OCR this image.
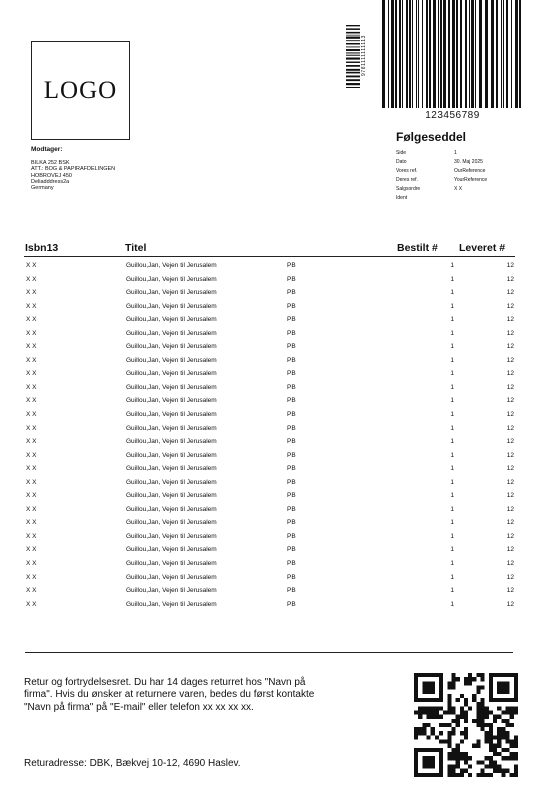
LOGO
Modtager:
BILKA 252 BSK
ATT.: BOG & PAPIRAFDELINGEN
HOBROVEJ 450
Deliadddress2a
Germany
9781111111113
123456789
Følgeseddel
Side	1
Dato	30. Maj 2025
Vores ref.	OurReference
Deres ref.	YourReference
Salgsordre	X X
Ident
Isbn13	Titel	Bestilt # Leveret #
X X	Guillou,Jan, Vejen til Jerusalem	PB	1	12
X X	Guillou,Jan, Vejen til Jerusalem	PB	1	12
X X	Guillou,Jan, Vejen til Jerusalem	PB	1	12
X X	Guillou,Jan, Vejen til Jerusalem	PB	1	12
X X	Guillou,Jan, Vejen til Jerusalem	PB	1	12
X X	Guillou,Jan, Vejen til Jerusalem	PB	1	12
X X	Guillou,Jan, Vejen til Jerusalem	PB	1	12
X X	Guillou,Jan, Vejen til Jerusalem	PB	1	12
X X	Guillou,Jan, Vejen til Jerusalem	PB	1	12
X X	Guillou,Jan, Vejen til Jerusalem	PB	1	12
X X	Guillou,Jan, Vejen til Jerusalem	PB	1	12
X X	Guillou,Jan, Vejen til Jerusalem	PB	1	12
X X	Guillou,Jan, Vejen til Jerusalem	PB	1	12
X X	Guillou,Jan, Vejen til Jerusalem	PB	1	12
X X	Guillou,Jan, Vejen til Jerusalem	PB	1	12
X X	Guillou,Jan, Vejen til Jerusalem	PB	1	12
X X	Guillou,Jan, Vejen til Jerusalem	PB	1	12
X X	Guillou,Jan, Vejen til Jerusalem	PB	1	12
X X	Guillou,Jan, Vejen til Jerusalem	PB	1	12
X X	Guillou,Jan, Vejen til Jerusalem	PB	1	12
X X	Guillou,Jan, Vejen til Jerusalem	PB	1	12
X X	Guillou,Jan, Vejen til Jerusalem	PB	1	12
X X	Guillou,Jan, Vejen til Jerusalem	PB	1	12
X X	Guillou,Jan, Vejen til Jerusalem	PB	1	12
X X	Guillou,Jan, Vejen til Jerusalem	PB	1	12
X X	Guillou,Jan, Vejen til Jerusalem	PB	1	12
Retur og fortrydelsesret. Du har 14 dages returret hos "Navn på
firma". Hvis du ønsker at returnere varen, bedes du først kontakte
"Navn på firma" på "E-mail" eller telefon xx xx xx xx.
Returadresse: DBK, Bækvej 10-12, 4690 Haslev.
